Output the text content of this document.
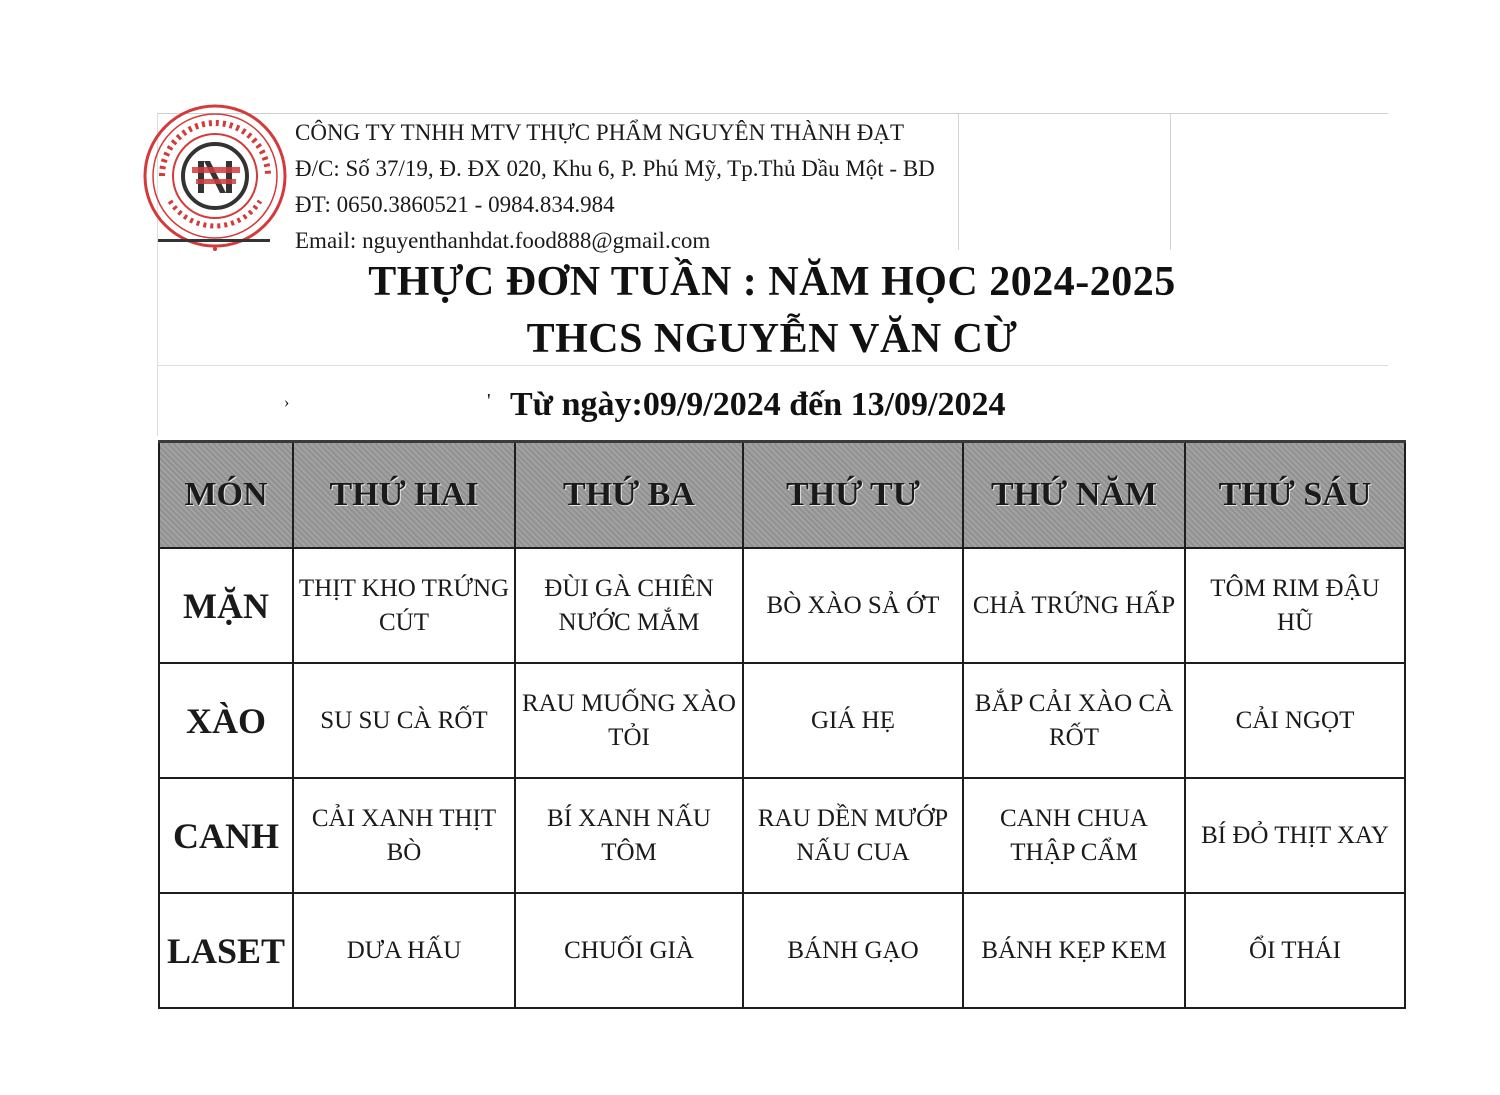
CÔNG TY TNHH MTV THỰC PHẨM NGUYÊN THÀNH ĐẠT
Đ/C: Số 37/19, Đ. ĐX 020, Khu 6, P. Phú Mỹ, Tp.Thủ Dầu Một - BD
ĐT: 0650.3860521 - 0984.834.984
Email: nguyenthanhdat.food888@gmail.com
THỰC ĐƠN TUẦN : NĂM HỌC 2024-2025
THCS NGUYỄN VĂN CỪ
›	' Từ ngày:09/9/2024 đến 13/09/2024
MÓN	THỨ HAI	THỨ BA	THỨ TƯ	THỨ NĂM	THỨ SÁU
MẶN	THỊT KHO TRỨNG CÚT	ĐÙI GÀ CHIÊN NƯỚC MẮM	BÒ XÀO SẢ ỚT	CHẢ TRỨNG HẤP	TÔM RIM ĐẬU HŨ
XÀO	SU SU CÀ RỐT	RAU MUỐNG XÀO TỎI	GIÁ HẸ	BẮP CẢI XÀO CÀ RỐT	CẢI NGỌT
CANH	CẢI XANH THỊT BÒ	BÍ XANH NẤU TÔM	RAU DỀN MƯỚP NẤU CUA	CANH CHUA THẬP CẨM	BÍ ĐỎ THỊT XAY
LASET	DƯA HẤU	CHUỐI GIÀ	BÁNH GẠO	BÁNH KẸP KEM	ỔI THÁI
